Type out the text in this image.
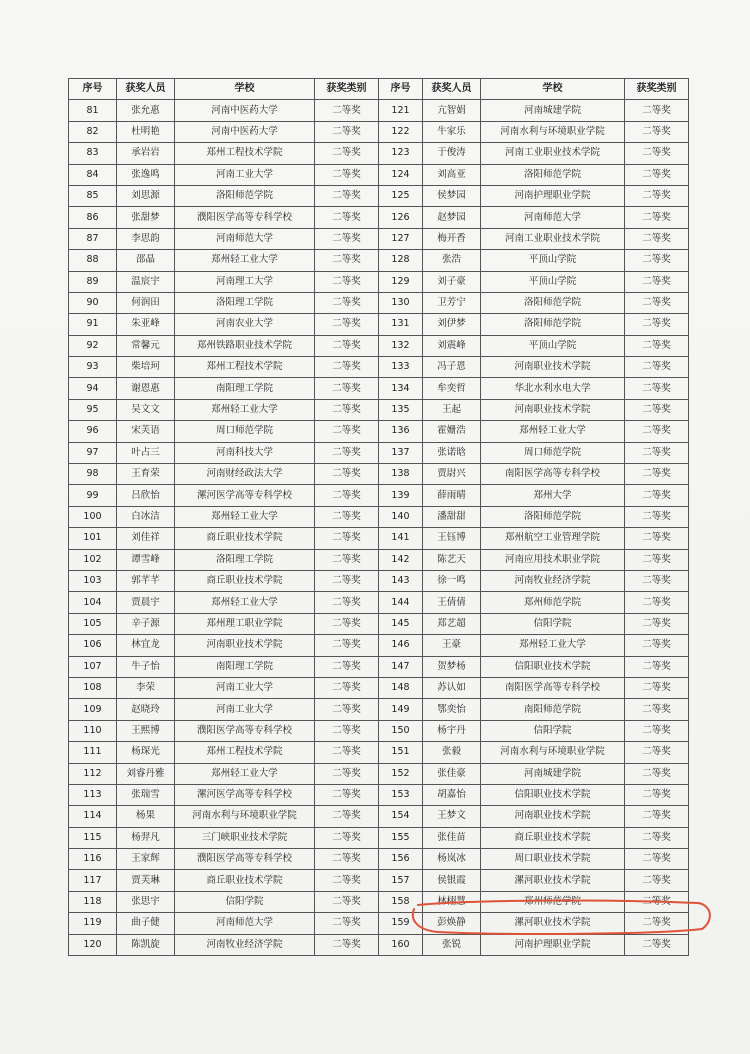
序号	获奖人员	学校	获奖类别	序号	获奖人员	学校	获奖类别
81	张允惠	河南中医药大学	二等奖	121	亢智娟	河南城建学院	二等奖
82	杜明艳	河南中医药大学	二等奖	122	牛家乐	河南水利与环境职业学院	二等奖
83	承岩岩	郑州工程技术学院	二等奖	123	于俊涛	河南工业职业技术学院	二等奖
84	张逸鸣	河南工业大学	二等奖	124	刘高亚	洛阳师范学院	二等奖
85	刘思源	洛阳师范学院	二等奖	125	侯梦园	河南护理职业学院	二等奖
86	张甜梦	濮阳医学高等专科学校	二等奖	126	赵梦园	河南师范大学	二等奖
87	李思韵	河南师范大学	二等奖	127	梅开香	河南工业职业技术学院	二等奖
88	邵晶	郑州轻工业大学	二等奖	128	张浩	平顶山学院	二等奖
89	温宸宇	河南理工大学	二等奖	129	刘子豪	平顶山学院	二等奖
90	何润田	洛阳理工学院	二等奖	130	卫芳宁	洛阳师范学院	二等奖
91	朱亚峰	河南农业大学	二等奖	131	刘伊梦	洛阳师范学院	二等奖
92	常馨元	郑州铁路职业技术学院	二等奖	132	刘震峰	平顶山学院	二等奖
93	柴培珂	郑州工程技术学院	二等奖	133	冯子恩	河南职业技术学院	二等奖
94	谢恩惠	南阳理工学院	二等奖	134	牟奕哲	华北水利水电大学	二等奖
95	吴文文	郑州轻工业大学	二等奖	135	王起	河南职业技术学院	二等奖
96	宋芙语	周口师范学院	二等奖	136	霍姗浩	郑州轻工业大学	二等奖
97	叶占三	河南科技大学	二等奖	137	张诺晗	周口师范学院	二等奖
98	王育荣	河南财经政法大学	二等奖	138	贾尉兴	南阳医学高等专科学校	二等奖
99	吕欣怡	漯河医学高等专科学校	二等奖	139	薛雨晴	郑州大学	二等奖
100	白冰洁	郑州轻工业大学	二等奖	140	潘甜甜	洛阳师范学院	二等奖
101	刘佳祥	商丘职业技术学院	二等奖	141	王钰博	郑州航空工业管理学院	二等奖
102	谭雪峰	洛阳理工学院	二等奖	142	陈艺天	河南应用技术职业学院	二等奖
103	郭芊芊	商丘职业技术学院	二等奖	143	徐一鸣	河南牧业经济学院	二等奖
104	贾晨宇	郑州轻工业大学	二等奖	144	王倩倩	郑州师范学院	二等奖
105	辛子源	郑州理工职业学院	二等奖	145	郑艺超	信阳学院	二等奖
106	林宜龙	河南职业技术学院	二等奖	146	王豪	郑州轻工业大学	二等奖
107	牛子怡	南阳理工学院	二等奖	147	贺梦杨	信阳职业技术学院	二等奖
108	李荣	河南工业大学	二等奖	148	苏认如	南阳医学高等专科学校	二等奖
109	赵晓玲	河南工业大学	二等奖	149	鄂奕怡	南阳师范学院	二等奖
110	王熙博	濮阳医学高等专科学校	二等奖	150	杨宇丹	信阳学院	二等奖
111	杨琛光	郑州工程技术学院	二等奖	151	张毅	河南水利与环境职业学院	二等奖
112	刘睿丹雅	郑州轻工业大学	二等奖	152	张佳豪	河南城建学院	二等奖
113	张瑞雪	漯河医学高等专科学校	二等奖	153	胡嘉怡	信阳职业技术学院	二等奖
114	杨果	河南水利与环境职业学院	二等奖	154	王梦文	河南职业技术学院	二等奖
115	杨羿凡	三门峡职业技术学院	二等奖	155	张佳苗	商丘职业技术学院	二等奖
116	王家辉	濮阳医学高等专科学校	二等奖	156	杨岚冰	周口职业技术学院	二等奖
117	贾芙琳	商丘职业技术学院	二等奖	157	侯银霞	漯河职业技术学院	二等奖
118	张思宇	信阳学院	二等奖	158	林栩慧	郑州师范学院	二等奖
119	曲子健	河南师范大学	二等奖	159	彭焕静	漯河职业技术学院	二等奖
120	陈凯旋	河南牧业经济学院	二等奖	160	张锐	河南护理职业学院	二等奖
